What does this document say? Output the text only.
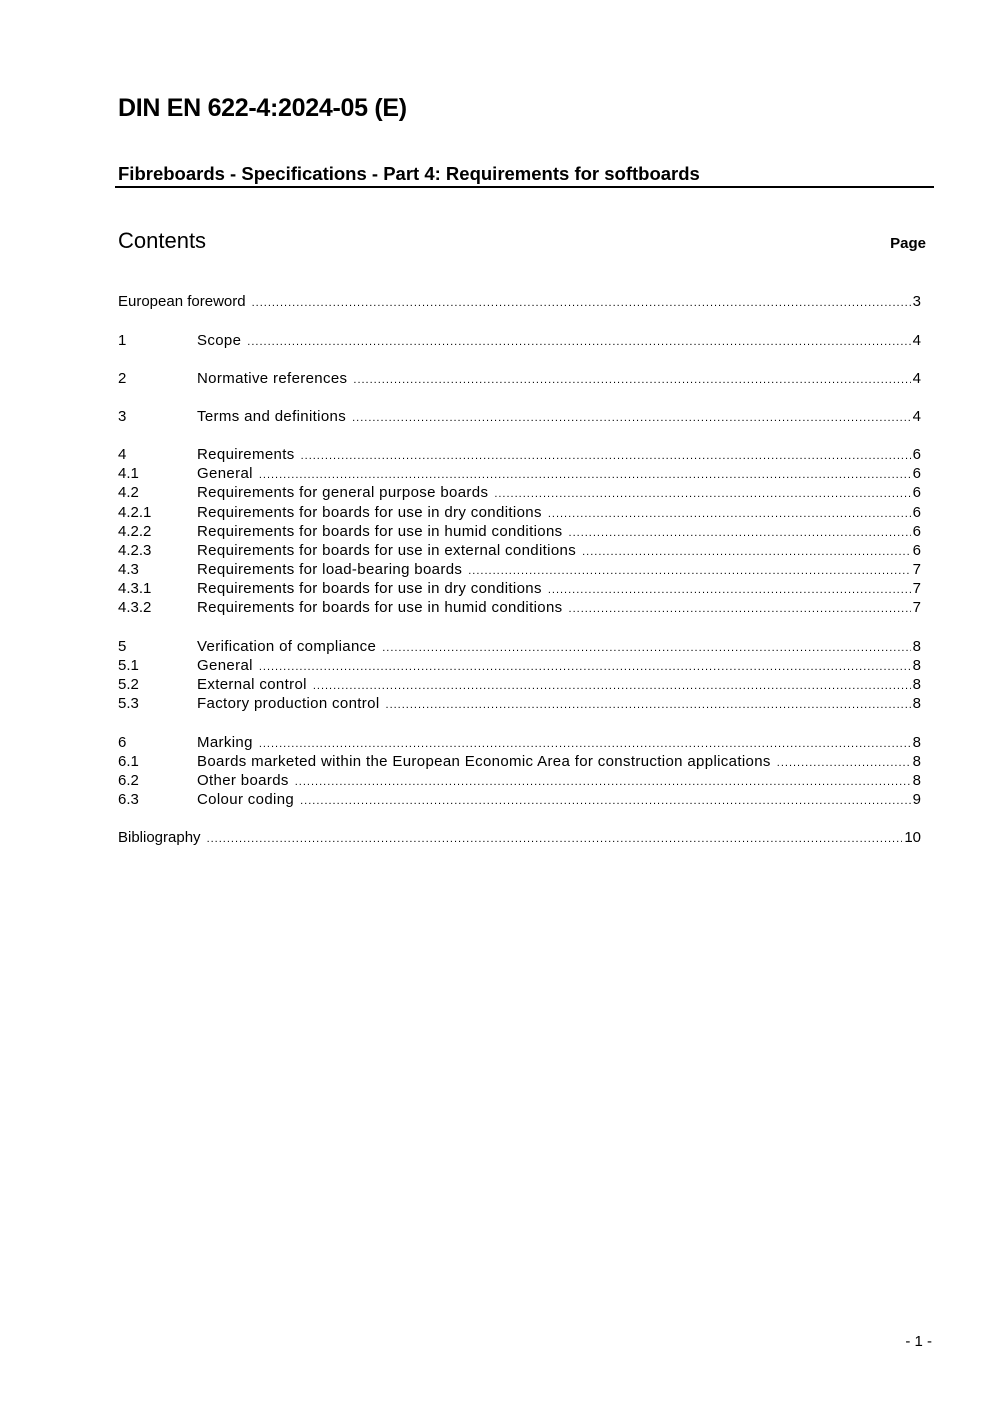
DIN EN 622-4:2024-05 (E)
Fibreboards - Specifications - Part 4: Requirements for softboards
Contents	Page
European foreword .....	3
1	Scope .....	4
2	Normative references .....	4
3	Terms and definitions .....	4
4	Requirements .....	6
4.1	General .....	6
4.2	Requirements for general purpose boards .....	6
4.2.1	Requirements for boards for use in dry conditions .....	6
4.2.2	Requirements for boards for use in humid conditions .....	6
4.2.3	Requirements for boards for use in external conditions .....	6
4.3	Requirements for load-bearing boards .....	7
4.3.1	Requirements for boards for use in dry conditions .....	7
4.3.2	Requirements for boards for use in humid conditions .....	7
5	Verification of compliance .....	8
5.1	General .....	8
5.2	External control .....	8
5.3	Factory production control .....	8
6	Marking .....	8
6.1	Boards marketed within the European Economic Area for construction applications .....	8
6.2	Other boards .....	8
6.3	Colour coding .....	9
Bibliography .....	10
- 1 -
